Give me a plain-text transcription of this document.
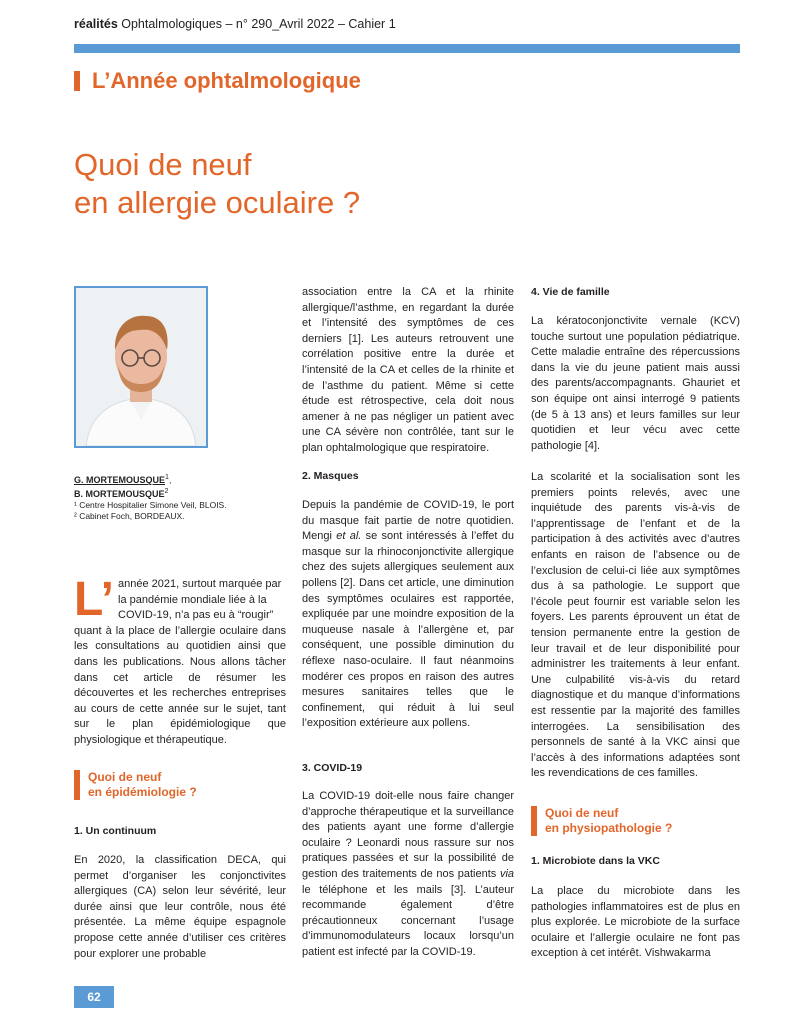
réalités Ophtalmologiques – n° 290_Avril 2022 – Cahier 1
L’Année ophtalmologique
Quoi de neuf
en allergie oculaire ?
G. MORTEMOUSQUE$^1$,
B. MORTEMOUSQUE$^2$
¹ Centre Hospitalier Simone Veil, BLOIS.
² Cabinet Foch, BORDEAUX.
L’ année 2021, surtout marquée par
la pandémie mondiale liée à la
COVID-19, n’a pas eu à “rougir”

quant à la place de l’allergie oculaire dans les consultations au quotidien ainsi que dans les publications. Nous allons tâcher dans cet article de résumer les découvertes et les recherches entreprises au cours de cette année sur le sujet, tant sur le plan épidémiologique que physiologique et thérapeutique.

Quoi de neuf
en épidémiologie ?
1. Un continuum

En 2020, la classification DECA, qui permet d’organiser les conjonctivites allergiques (CA) selon leur sévérité, leur durée ainsi que leur contrôle, nous été présentée. La même équipe espagnole propose cette année d’utiliser ces critères pour explorer une probable

association entre la CA et la rhinite allergique/l’asthme, en regardant la durée et l’intensité des symptômes de ces derniers [1]. Les auteurs retrouvent une corrélation positive entre la durée et l’intensité de la CA et celles de la rhinite et de l’asthme du patient. Même si cette étude est rétrospective, cela doit nous amener à ne pas négliger un patient avec une CA sévère non contrôlée, tant sur le plan ophtalmologique que respiratoire.

2. Masques

Depuis la pandémie de COVID-19, le port du masque fait partie de notre quotidien. Mengi et al. se sont intéressés à l’effet du masque sur la rhinoconjonctivite allergique chez des sujets allergiques seulement aux pollens [2]. Dans cet article, une diminution des symptômes oculaires est rapportée, expliquée par une moindre exposition de la muqueuse nasale à l’allergène et, par conséquent, une possible diminution du réflexe naso-oculaire. Il faut néanmoins modérer ces propos en raison des autres mesures sanitaires telles que le confinement, qui réduit à lui seul l’exposition extérieure aux pollens.

3. COVID-19

La COVID-19 doit-elle nous faire changer d’approche thérapeutique et la surveillance des patients ayant une forme d’allergie oculaire ? Leonardi nous rassure sur nos pratiques passées et sur la possibilité de gestion des traitements de nos patients via le téléphone et les mails [3]. L’auteur recommande également d’être précautionneux concernant l’usage d’immunomodulateurs locaux lorsqu’un patient est infecté par la COVID-19.

4. Vie de famille

La kératoconjonctivite vernale (KCV) touche surtout une population pédiatrique. Cette maladie entraîne des répercussions dans la vie du jeune patient mais aussi des parents/accompagnants. Ghauriet et son équipe ont ainsi interrogé 9 patients (de 5 à 13 ans) et leurs familles sur leur quotidien et leur vécu avec cette pathologie [4].

La scolarité et la socialisation sont les premiers points relevés, avec une inquiétude des parents vis-à-vis de l’apprentissage de l’enfant et de la participation à des activités avec d’autres enfants en raison de l’absence ou de l’exclusion de celui-ci liée aux symptômes dus à sa pathologie. Le support que l’école peut fournir est variable selon les foyers. Les parents éprouvent un état de tension permanente entre la gestion de leur travail et de leur disponibilité pour administrer les traitements à leur enfant. Une culpabilité vis-à-vis du retard diagnostique et du manque d’informations est ressentie par la majorité des familles interrogées. La sensibilisation des personnels de santé à la VKC ainsi que l’accès à des informations adaptées sont les revendications de ces familles.

Quoi de neuf
en physiopathologie ?
1. Microbiote dans la VKC

La place du microbiote dans les pathologies inflammatoires est de plus en plus explorée. Le microbiote de la surface oculaire et l’allergie oculaire ne font pas exception à cet intérêt. Vishwakarma

62
